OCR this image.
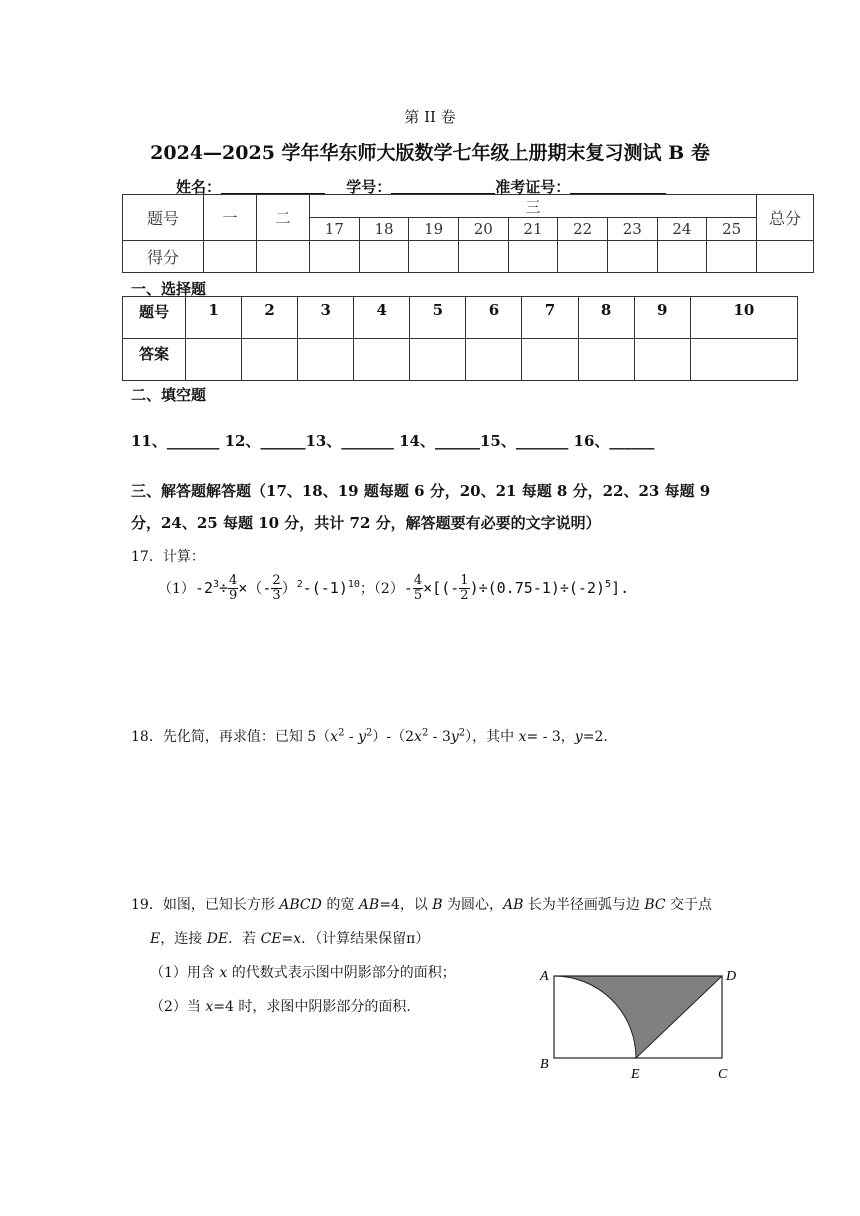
第 II 卷
2024—2025 学年华东师大版数学七年级上册期末复习测试 B 卷
姓名：	学号：	准考证号：
题号	一	二	三									总分
			17	18	19	20	21	22	23	24	25	
得分												
一、选择题
题号	1	2	3	4	5	6	7	8	9	10
答案										
二、填空题
11、_______ 12、______13、_______ 14、______15、_______ 16、______
三、解答题解答题（17、18、19 题每题 6 分，20、21 每题 8 分，22、23 每题 9
分，24、25 每题 10 分，共计 72 分，解答题要有必要的文字说明）
17．计算：
$(1)-2^3\div \frac{4}{9}$ ×（- $\frac{2}{3} )^2-(-1)^{10}$；$(2)- \frac{4}{5}$ ×[(- $\frac{1}{2} )\div(0.75-1)\div(-2)^5$].
18．先化简，再求值：已知 $5(x^2 - y^2)-(2x^2 - 3y^2)$，其中 x= - 3，y=2.
19．如图，已知长方形 ABCD 的宽 AB=4，以 B 为圆心，AB 长为半径画弧与边 BC 交于点
E，连接 DE．若 CE=x．（计算结果保留π）
（1）用含 x 的代数式表示图中阴影部分的面积；
（2）当 x=4 时，求图中阴影部分的面积.
A	D
B
E	C
